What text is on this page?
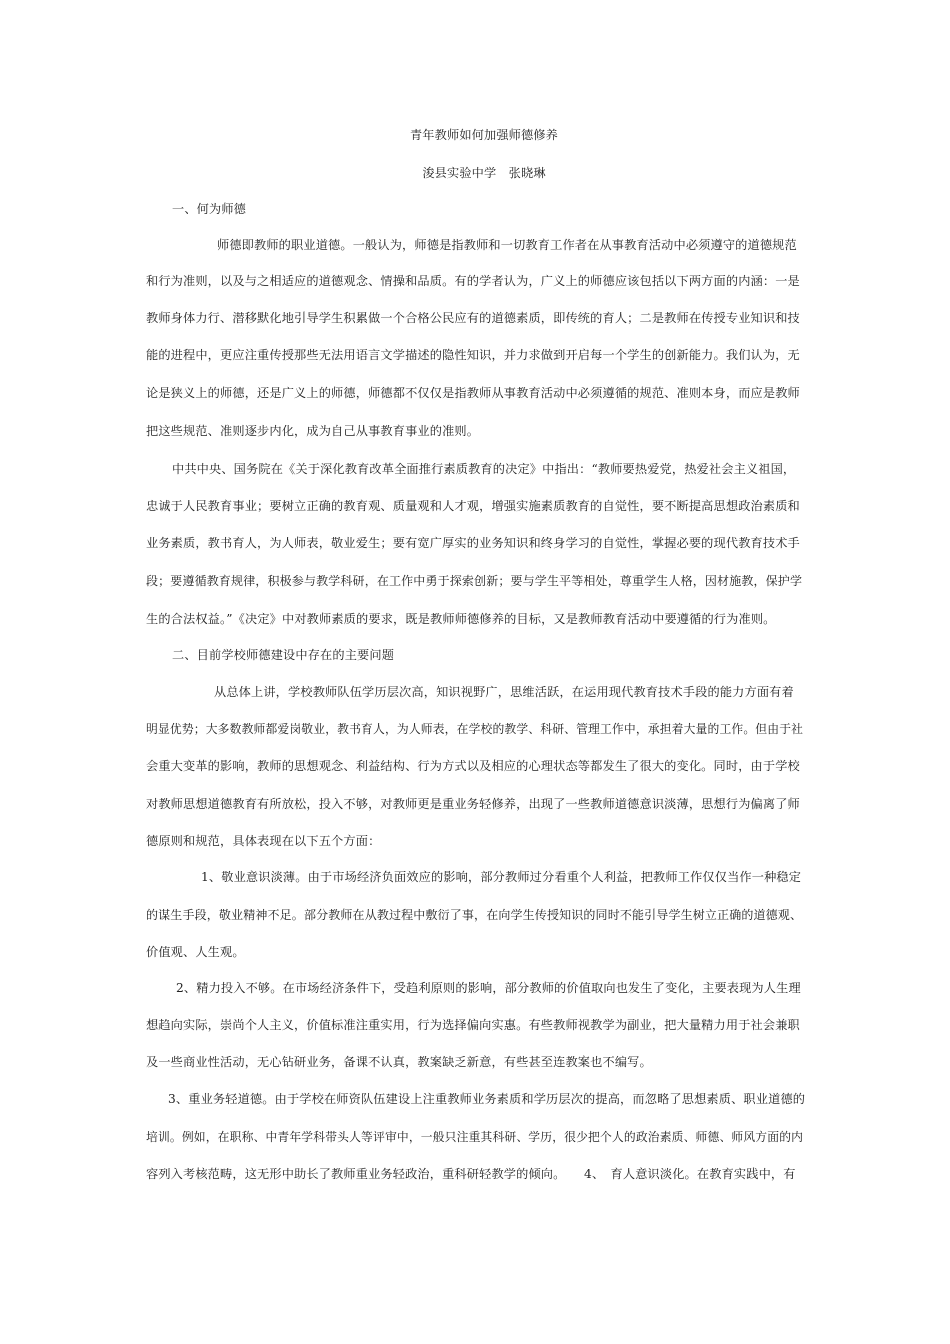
青年教师如何加强师德修养
浚县实验中学　张晓琳
一、何为师德
师德即教师的职业道德。一般认为，师德是指教师和一切教育工作者在从事教育活动中必须遵守的道德规范
和行为准则，以及与之相适应的道德观念、情操和品质。有的学者认为，广义上的师德应该包括以下两方面的内涵：一是
教师身体力行、潜移默化地引导学生积累做一个合格公民应有的道德素质，即传统的育人；二是教师在传授专业知识和技
能的进程中，更应注重传授那些无法用语言文学描述的隐性知识，并力求做到开启每一个学生的创新能力。我们认为，无
论是狭义上的师德，还是广义上的师德，师德都不仅仅是指教师从事教育活动中必须遵循的规范、准则本身，而应是教师
把这些规范、准则逐步内化，成为自己从事教育事业的准则。
中共中央、国务院在《关于深化教育改革全面推行素质教育的决定》中指出：“教师要热爱党，热爱社会主义祖国，
忠诚于人民教育事业；要树立正确的教育观、质量观和人才观，增强实施素质教育的自觉性，要不断提高思想政治素质和
业务素质，教书育人，为人师表，敬业爱生；要有宽广厚实的业务知识和终身学习的自觉性，掌握必要的现代教育技术手
段；要遵循教育规律，积极参与教学科研，在工作中勇于探索创新；要与学生平等相处，尊重学生人格，因材施教，保护学
生的合法权益。”《决定》中对教师素质的要求，既是教师师德修养的目标，又是教师教育活动中要遵循的行为准则。
二、目前学校师德建设中存在的主要问题
从总体上讲，学校教师队伍学历层次高，知识视野广，思维活跃，在运用现代教育技术手段的能力方面有着
明显优势；大多数教师都爱岗敬业，教书育人，为人师表，在学校的教学、科研、管理工作中，承担着大量的工作。但由于社
会重大变革的影响，教师的思想观念、利益结构、行为方式以及相应的心理状态等都发生了很大的变化。同时，由于学校
对教师思想道德教育有所放松，投入不够，对教师更是重业务轻修养，出现了一些教师道德意识淡薄，思想行为偏离了师
德原则和规范，具体表现在以下五个方面：
1、敬业意识淡薄。由于市场经济负面效应的影响，部分教师过分看重个人利益，把教师工作仅仅当作一种稳定
的谋生手段，敬业精神不足。部分教师在从教过程中敷衍了事，在向学生传授知识的同时不能引导学生树立正确的道德观、
价值观、人生观。
2、精力投入不够。在市场经济条件下，受趋利原则的影响，部分教师的价值取向也发生了变化，主要表现为人生理
想趋向实际，崇尚个人主义，价值标准注重实用，行为选择偏向实惠。有些教师视教学为副业，把大量精力用于社会兼职
及一些商业性活动，无心钻研业务，备课不认真，教案缺乏新意，有些甚至连教案也不编写。
3、重业务轻道德。由于学校在师资队伍建设上注重教师业务素质和学历层次的提高，而忽略了思想素质、职业道德的
培训。例如，在职称、中青年学科带头人等评审中，一般只注重其科研、学历，很少把个人的政治素质、师德、师风方面的内
容列入考核范畴，这无形中助长了教师重业务轻政治，重科研轻教学的倾向。　　4、　育人意识淡化。在教育实践中，有
